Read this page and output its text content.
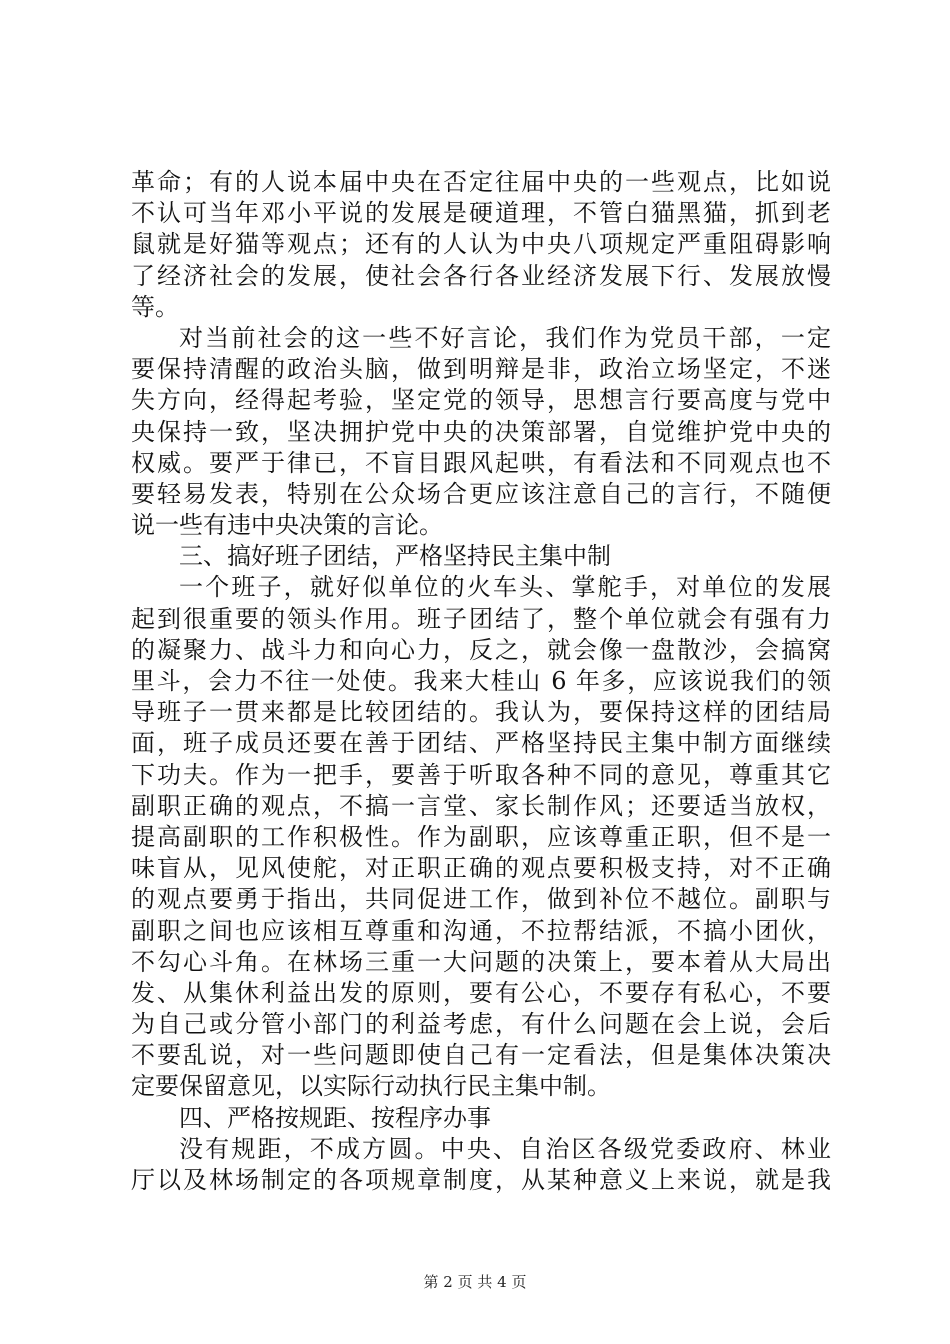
革命；有的人说本届中央在否定往届中央的一些观点，比如说
不认可当年邓小平说的发展是硬道理，不管白猫黑猫，抓到老
鼠就是好猫等观点；还有的人认为中央八项规定严重阻碍影响
了经济社会的发展，使社会各行各业经济发展下行、发展放慢
等。
对当前社会的这一些不好言论，我们作为党员干部，一定
要保持清醒的政治头脑，做到明辩是非，政治立场坚定，不迷
失方向，经得起考验，坚定党的领导，思想言行要高度与党中
央保持一致，坚决拥护党中央的决策部署，自觉维护党中央的
权威。要严于律已，不盲目跟风起哄，有看法和不同观点也不
要轻易发表，特别在公众场合更应该注意自己的言行，不随便
说一些有违中央决策的言论。
三、搞好班子团结，严格坚持民主集中制
一个班子，就好似单位的火车头、掌舵手，对单位的发展
起到很重要的领头作用。班子团结了，整个单位就会有强有力
的凝聚力、战斗力和向心力，反之，就会像一盘散沙，会搞窝
里斗，会力不往一处使。我来大桂山 6 年多，应该说我们的领
导班子一贯来都是比较团结的。我认为，要保持这样的团结局
面，班子成员还要在善于团结、严格坚持民主集中制方面继续
下功夫。作为一把手，要善于听取各种不同的意见，尊重其它
副职正确的观点，不搞一言堂、家长制作风；还要适当放权，
提高副职的工作积极性。作为副职，应该尊重正职，但不是一
味盲从，见风使舵，对正职正确的观点要积极支持，对不正确
的观点要勇于指出，共同促进工作，做到补位不越位。副职与
副职之间也应该相互尊重和沟通，不拉帮结派，不搞小团伙，
不勾心斗角。在林场三重一大问题的决策上，要本着从大局出
发、从集休利益出发的原则，要有公心，不要存有私心，不要
为自己或分管小部门的利益考虑，有什么问题在会上说，会后
不要乱说，对一些问题即使自己有一定看法，但是集体决策决
定要保留意见，以实际行动执行民主集中制。
四、严格按规距、按程序办事
没有规距，不成方圆。中央、自治区各级党委政府、林业
厅以及林场制定的各项规章制度，从某种意义上来说，就是我
第 2 页 共 4 页
